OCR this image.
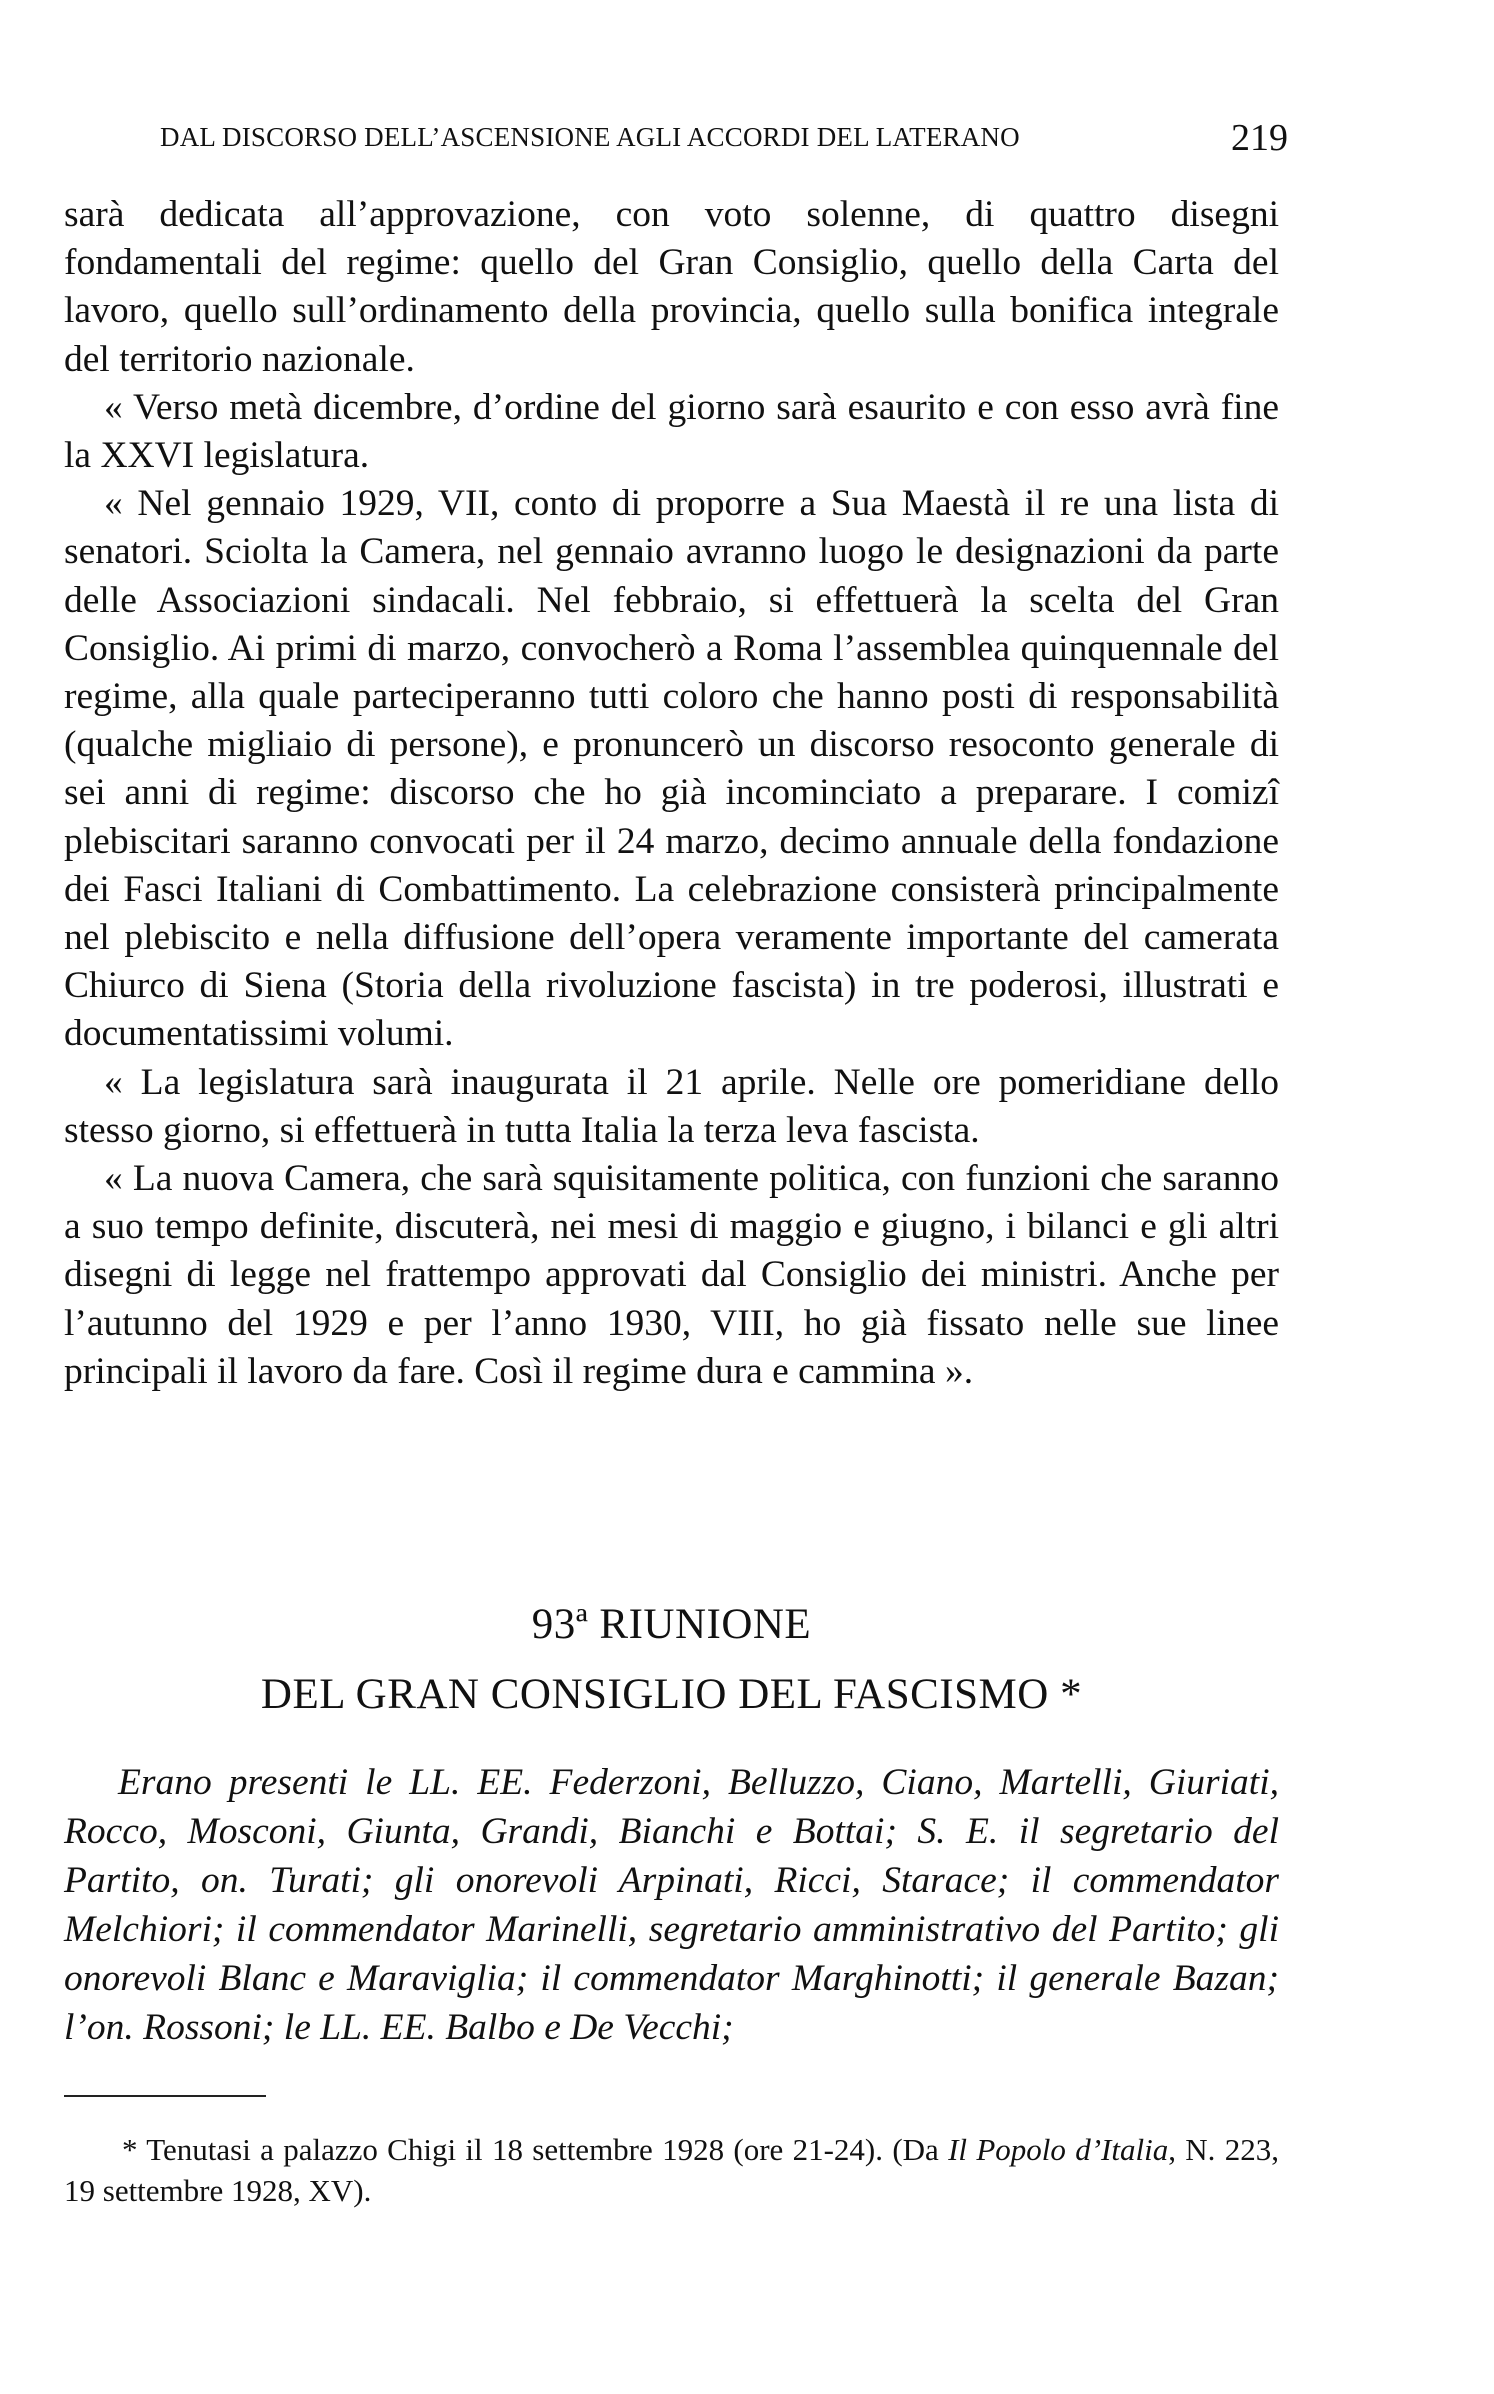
DAL DISCORSO DELL’ASCENSIONE AGLI ACCORDI DEL LATERANO	219

sarà dedicata all’approvazione, con voto solenne, di quattro disegni fondamentali del regime: quello del Gran Consiglio, quello della Carta del lavoro, quello sull’ordinamento della provincia, quello sulla bonifica integrale del territorio nazionale.

« Verso metà dicembre, d’ordine del giorno sarà esaurito e con esso avrà fine la XXVI legislatura.

« Nel gennaio 1929, VII, conto di proporre a Sua Maestà il re una lista di senatori. Sciolta la Camera, nel gennaio avranno luogo le designazioni da parte delle Associazioni sindacali. Nel febbraio, si effettuerà la scelta del Gran Consiglio. Ai primi di marzo, convocherò a Roma l’assemblea quinquennale del regime, alla quale parteciperanno tutti coloro che hanno posti di responsabilità (qualche migliaio di persone), e pronuncerò un discorso resoconto generale di sei anni di regime: discorso che ho già incominciato a preparare. I comizî plebiscitari saranno convocati per il 24 marzo, decimo annuale della fondazione dei Fasci Italiani di Combattimento. La celebrazione consisterà principalmente nel plebiscito e nella diffusione dell’opera veramente importante del camerata Chiurco di Siena (Storia della rivoluzione fascista) in tre poderosi, illustrati e documentatissimi volumi.

« La legislatura sarà inaugurata il 21 aprile. Nelle ore pomeridiane dello stesso giorno, si effettuerà in tutta Italia la terza leva fascista.

« La nuova Camera, che sarà squisitamente politica, con funzioni che saranno a suo tempo definite, discuterà, nei mesi di maggio e giugno, i bilanci e gli altri disegni di legge nel frattempo approvati dal Consiglio dei ministri. Anche per l’autunno del 1929 e per l’anno 1930, VIII, ho già fissato nelle sue linee principali il lavoro da fare. Così il regime dura e cammina ».

93ª RIUNIONE
DEL GRAN CONSIGLIO DEL FASCISMO *

Erano presenti le LL. EE. Federzoni, Belluzzo, Ciano, Martelli, Giuriati, Rocco, Mosconi, Giunta, Grandi, Bianchi e Bottai; S. E. il segretario del Partito, on. Turati; gli onorevoli Arpinati, Ricci, Starace; il commendator Melchiori; il commendator Marinelli, segretario amministrativo del Partito; gli onorevoli Blanc e Maraviglia; il commendator Marghinotti; il generale Bazan; l’on. Rossoni; le LL. EE. Balbo e De Vecchi;

* Tenutasi a palazzo Chigi il 18 settembre 1928 (ore 21-24). (Da Il Popolo d’Italia, N. 223, 19 settembre 1928, XV).
